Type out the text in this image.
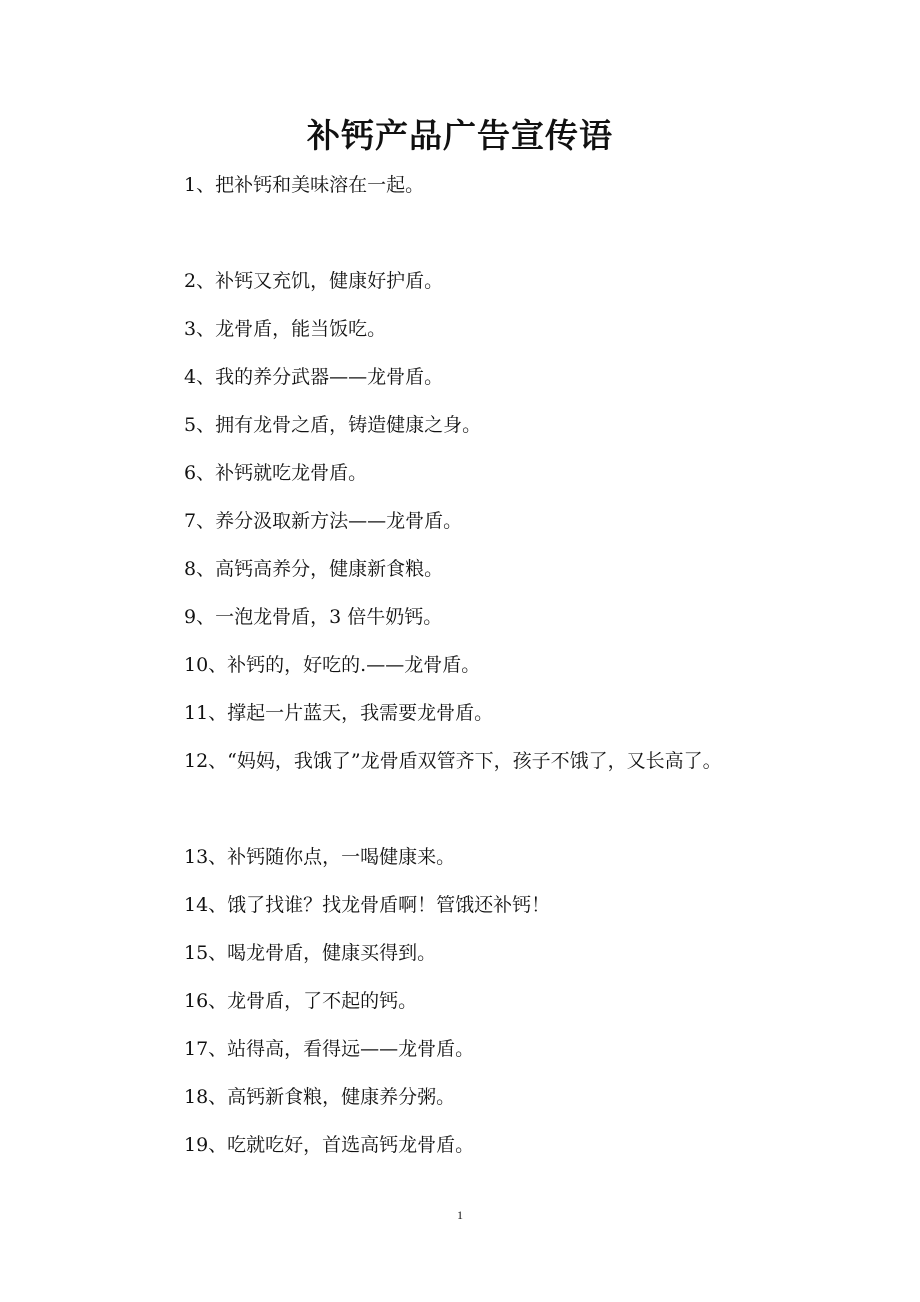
补钙产品广告宣传语

1、把补钙和美味溶在一起。

2、补钙又充饥，健康好护盾。

3、龙骨盾，能当饭吃。

4、我的养分武器——龙骨盾。

5、拥有龙骨之盾，铸造健康之身。

6、补钙就吃龙骨盾。

7、养分汲取新方法——龙骨盾。

8、高钙高养分，健康新食粮。

9、一泡龙骨盾，3 倍牛奶钙。

10、补钙的，好吃的.——龙骨盾。

11、撑起一片蓝天，我需要龙骨盾。

12、“妈妈，我饿了”龙骨盾双管齐下，孩子不饿了，又长高了。

13、补钙随你点，一喝健康来。

14、饿了找谁？找龙骨盾啊！管饿还补钙！

15、喝龙骨盾，健康买得到。

16、龙骨盾，了不起的钙。

17、站得高，看得远——龙骨盾。

18、高钙新食粮，健康养分粥。

19、吃就吃好，首选高钙龙骨盾。

1
